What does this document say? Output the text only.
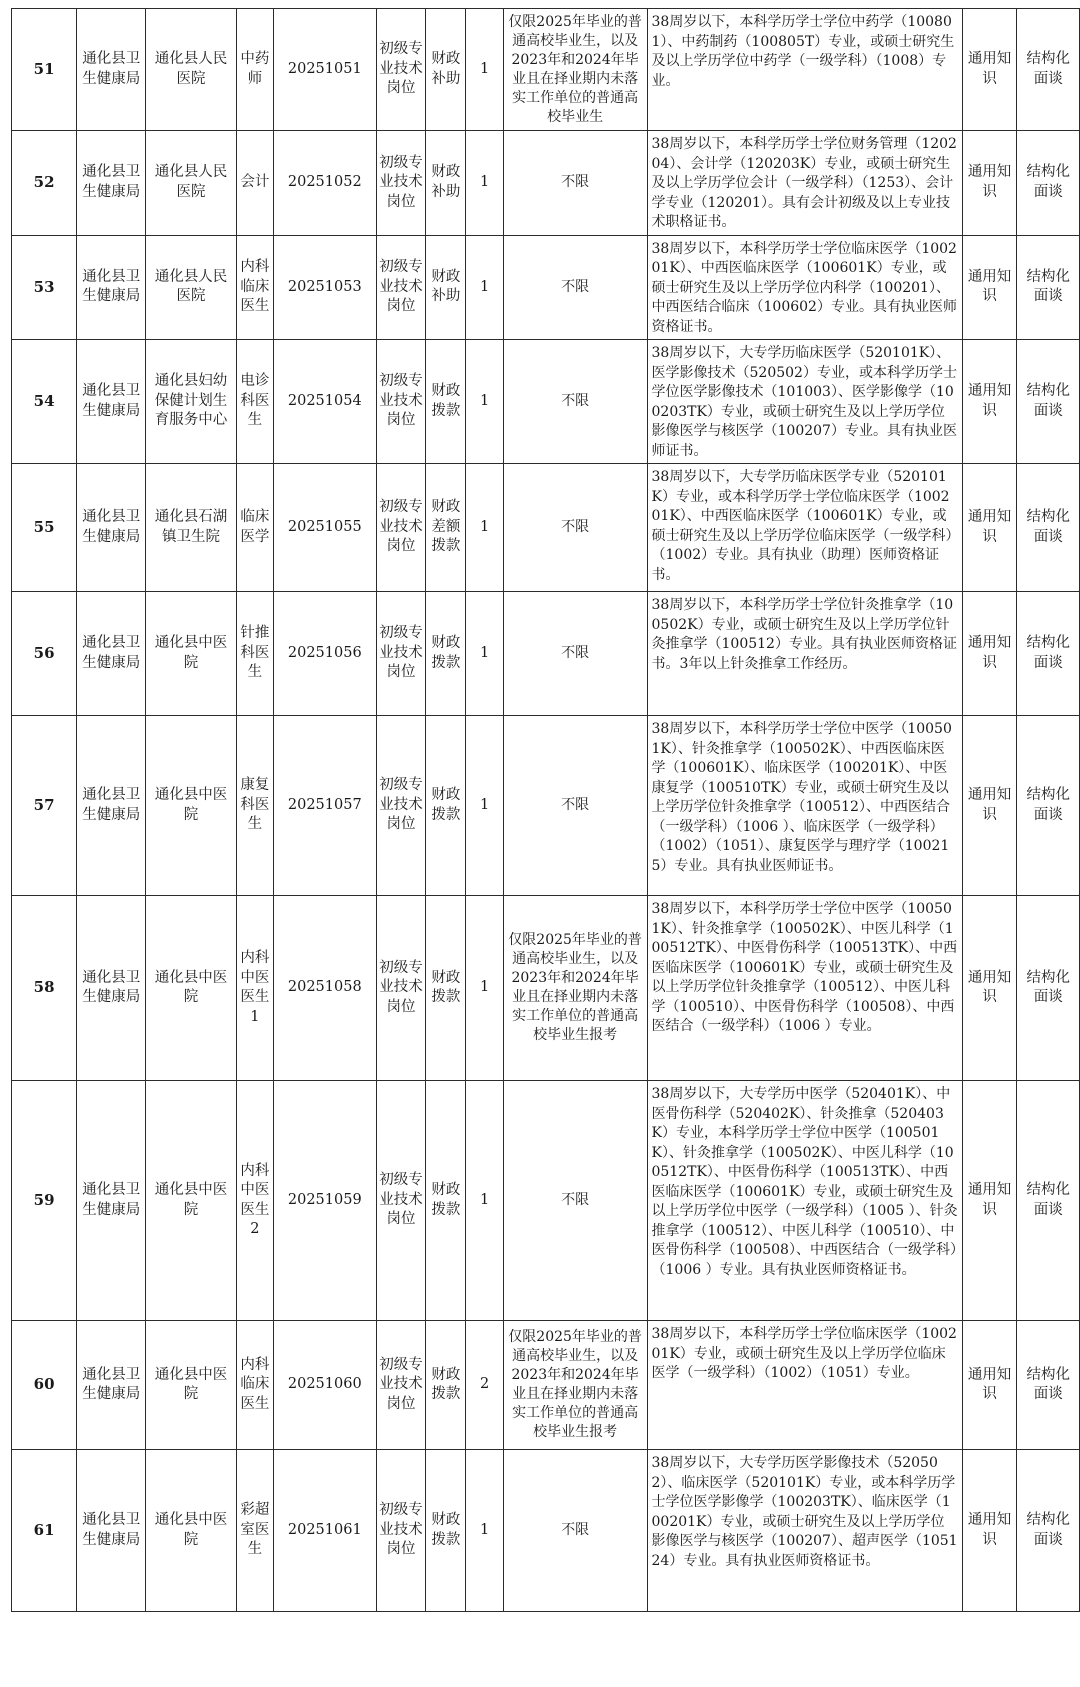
51	通化县卫生健康局	通化县人民医院	中药师	20251051	初级专业技术岗位	财政补助	1	仅限2025年毕业的普通高校毕业生，以及2023年和2024年毕业且在择业期内未落实工作单位的普通高校毕业生	38周岁以下，本科学历学士学位中药学（100801）、中药制药（100805T）专业，或硕士研究生及以上学历学位中药学（一级学科）（1008）专业。	通用知识	结构化面谈
52	通化县卫生健康局	通化县人民医院	会计	20251052	初级专业技术岗位	财政补助	1	不限	38周岁以下，本科学历学士学位财务管理（120204）、会计学（120203K）专业，或硕士研究生及以上学历学位会计（一级学科）（1253）、会计学专业（120201）。具有会计初级及以上专业技术职格证书。	通用知识	结构化面谈
53	通化县卫生健康局	通化县人民医院	内科临床医生	20251053	初级专业技术岗位	财政补助	1	不限	38周岁以下，本科学历学士学位临床医学（100201K）、中西医临床医学（100601K）专业，或硕士研究生及以上学历学位内科学（100201）、中西医结合临床（100602）专业。具有执业医师资格证书。	通用知识	结构化面谈
54	通化县卫生健康局	通化县妇幼保健计划生育服务中心	电诊科医生	20251054	初级专业技术岗位	财政拨款	1	不限	38周岁以下，大专学历临床医学（520101K）、医学影像技术（520502）专业，或本科学历学士学位医学影像技术（101003）、医学影像学（100203TK）专业，或硕士研究生及以上学历学位影像医学与核医学（100207）专业。具有执业医师证书。	通用知识	结构化面谈
55	通化县卫生健康局	通化县石湖镇卫生院	临床医学	20251055	初级专业技术岗位	财政差额拨款	1	不限	38周岁以下，大专学历临床医学专业（520101K）专业，或本科学历学士学位临床医学（100201K）、中西医临床医学（100601K）专业，或硕士研究生及以上学历学位临床医学（一级学科）（1002）专业。具有执业（助理）医师资格证书。	通用知识	结构化面谈
56	通化县卫生健康局	通化县中医院	针推科医生	20251056	初级专业技术岗位	财政拨款	1	不限	38周岁以下，本科学历学士学位针灸推拿学（100502K）专业，或硕士研究生及以上学历学位针灸推拿学（100512）专业。具有执业医师资格证书。3年以上针灸推拿工作经历。	通用知识	结构化面谈
57	通化县卫生健康局	通化县中医院	康复科医生	20251057	初级专业技术岗位	财政拨款	1	不限	38周岁以下，本科学历学士学位中医学（100501K）、针灸推拿学（100502K）、中西医临床医学（100601K）、临床医学（100201K）、中医康复学（100510TK）专业，或硕士研究生及以上学历学位针灸推拿学（100512）、中西医结合（一级学科）（1006 ）、临床医学（一级学科）（1002）（1051）、康复医学与理疗学（100215）专业。具有执业医师证书。	通用知识	结构化面谈
58	通化县卫生健康局	通化县中医院	内科中医医生1	20251058	初级专业技术岗位	财政拨款	1	仅限2025年毕业的普通高校毕业生，以及2023年和2024年毕业且在择业期内未落实工作单位的普通高校毕业生报考	38周岁以下，本科学历学士学位中医学（100501K）、针灸推拿学（100502K）、中医儿科学（100512TK）、中医骨伤科学（100513TK）、中西医临床医学（100601K）专业，或硕士研究生及以上学历学位针灸推拿学（100512）、中医儿科学（100510）、中医骨伤科学（100508）、中西医结合（一级学科）（1006 ）专业。	通用知识	结构化面谈
59	通化县卫生健康局	通化县中医院	内科中医医生2	20251059	初级专业技术岗位	财政拨款	1	不限	38周岁以下，大专学历中医学（520401K）、中医骨伤科学（520402K）、针灸推拿（520403K）专业，本科学历学士学位中医学（100501K）、针灸推拿学（100502K）、中医儿科学（100512TK）、中医骨伤科学（100513TK）、中西医临床医学（100601K）专业，或硕士研究生及以上学历学位中医学（一级学科）（1005 ）、针灸推拿学（100512）、中医儿科学（100510）、中医骨伤科学（100508）、中西医结合（一级学科）（1006 ）专业。具有执业医师资格证书。	通用知识	结构化面谈
60	通化县卫生健康局	通化县中医院	内科临床医生	20251060	初级专业技术岗位	财政拨款	2	仅限2025年毕业的普通高校毕业生，以及2023年和2024年毕业且在择业期内未落实工作单位的普通高校毕业生报考	38周岁以下，本科学历学士学位临床医学（100201K）专业，或硕士研究生及以上学历学位临床医学（一级学科）（1002）（1051）专业。	通用知识	结构化面谈
61	通化县卫生健康局	通化县中医院	彩超室医生	20251061	初级专业技术岗位	财政拨款	1	不限	38周岁以下，大专学历医学影像技术（520502）、临床医学（520101K）专业，或本科学历学士学位医学影像学（100203TK）、临床医学（100201K）专业，或硕士研究生及以上学历学位影像医学与核医学（100207）、超声医学（105124）专业。具有执业医师资格证书。	通用知识	结构化面谈
